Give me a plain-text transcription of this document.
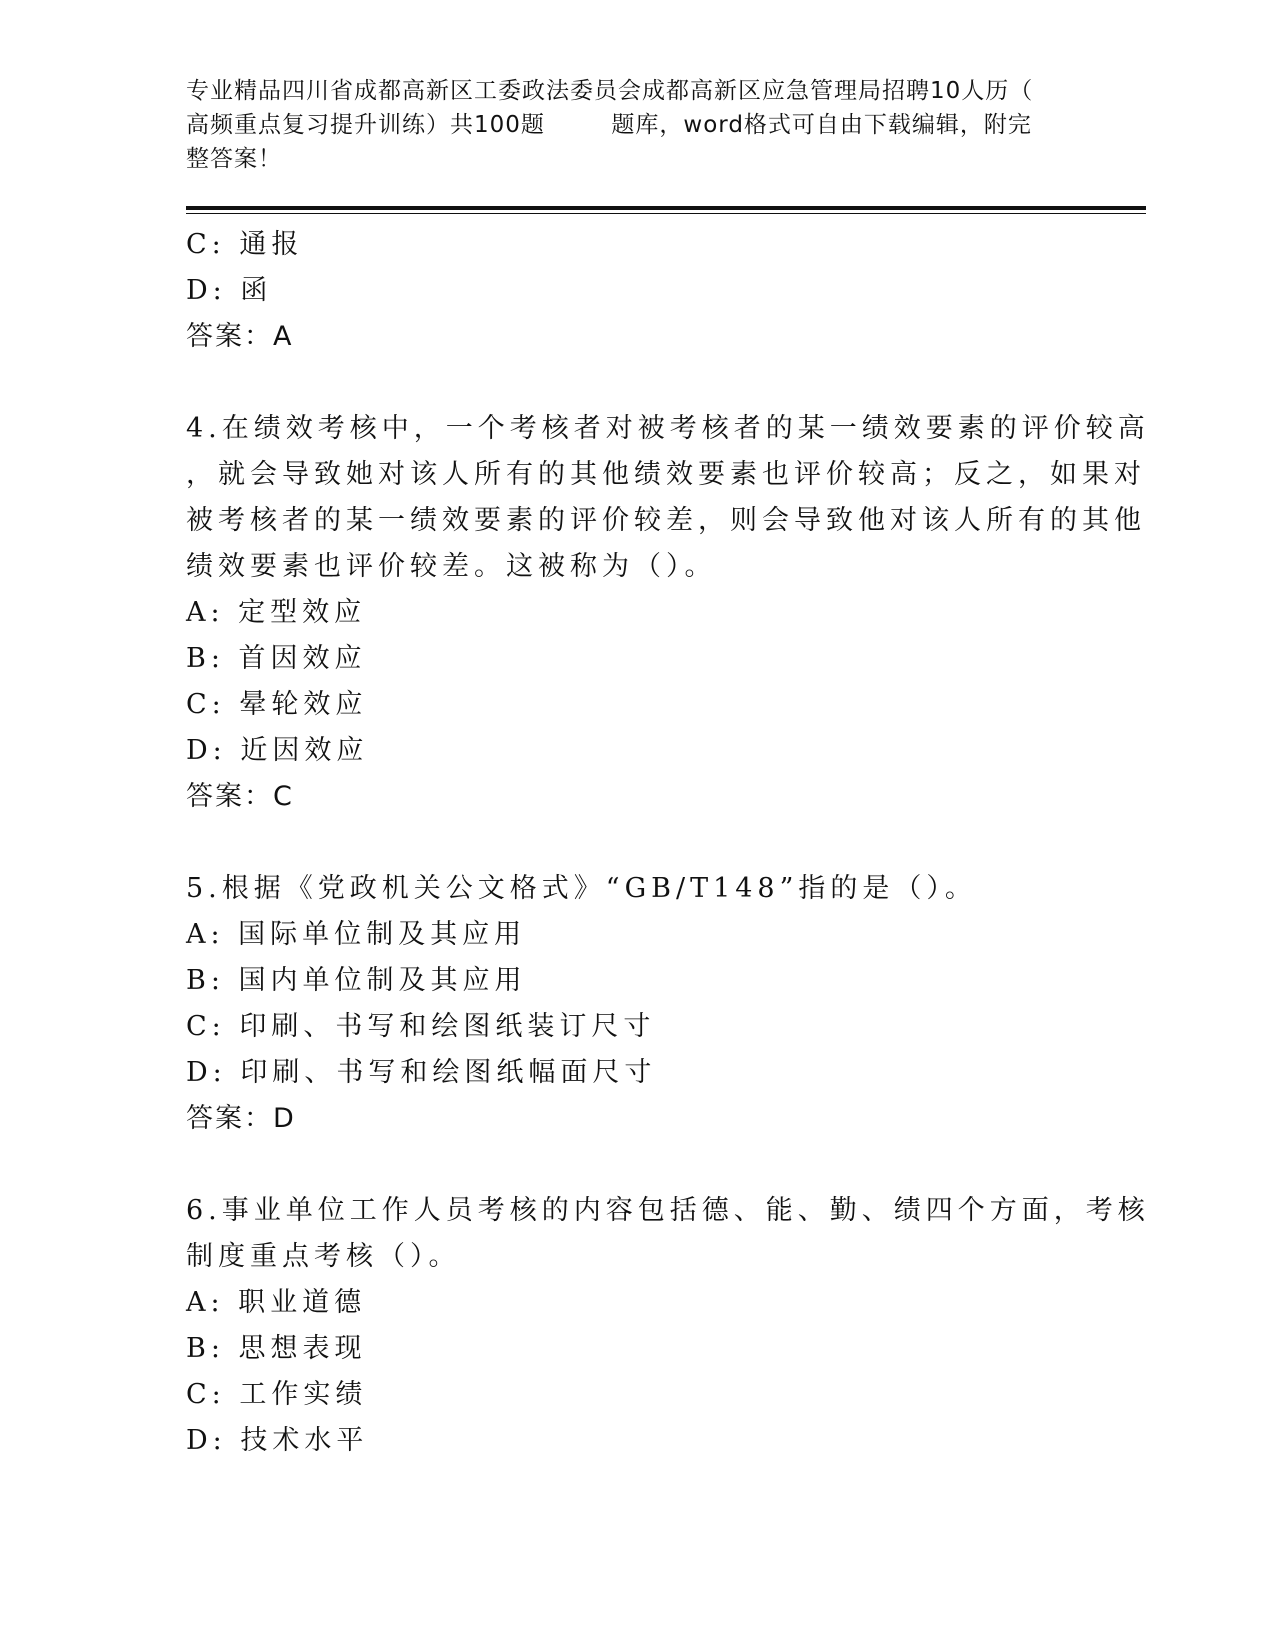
专业精品四川省成都高新区工委政法委员会成都高新区应急管理局招聘10人历（
高频重点复习提升训练）共100题        题库，word格式可自由下载编辑，附完
整答案！
C: 通报
D: 函
答案：A
4.在绩效考核中，一个考核者对被考核者的某一绩效要素的评价较高
，就会导致她对该人所有的其他绩效要素也评价较高；反之，如果对
被考核者的某一绩效要素的评价较差，则会导致他对该人所有的其他
绩效要素也评价较差。这被称为（）。
A: 定型效应
B: 首因效应
C: 晕轮效应
D: 近因效应
答案：C
5.根据《党政机关公文格式》“GB/T148”指的是（）。
A: 国际单位制及其应用
B: 国内单位制及其应用
C: 印刷、书写和绘图纸装订尺寸
D: 印刷、书写和绘图纸幅面尺寸
答案：D
6.事业单位工作人员考核的内容包括德、能、勤、绩四个方面，考核
制度重点考核（）。
A: 职业道德
B: 思想表现
C: 工作实绩
D: 技术水平
